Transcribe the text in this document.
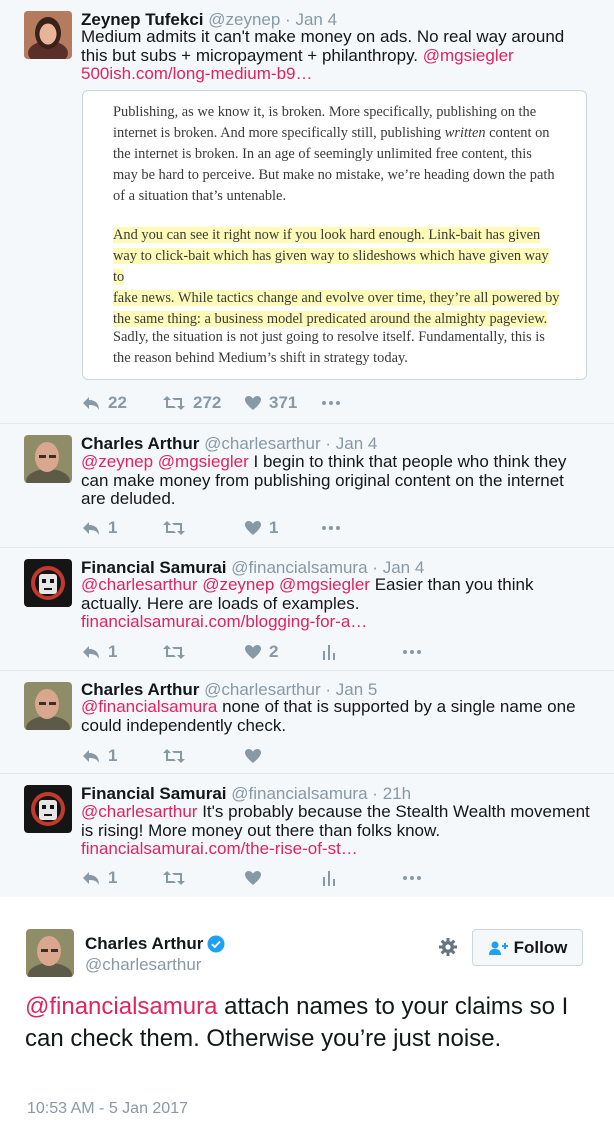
Zeynep Tufekci @zeynep · Jan 4
Medium admits it can't make money on ads. No real way around this but subs + micropayment + philanthropy. @mgsiegler 500ish.com/long-medium-b9…

Publishing, as we know it, is broken. More specifically, publishing on the
internet is broken. And more specifically still, publishing written content on
the internet is broken. In an age of seemingly unlimited free content, this
may be hard to perceive. But make no mistake, we’re heading down the path
of a situation that’s untenable.

And you can see it right now if you look hard enough. Link-bait has given
way to click-bait which has given way to slideshows which have given way to
fake news. While tactics change and evolve over time, they’re all powered by
the same thing: a business model predicated around the almighty pageview.

Sadly, the situation is not just going to resolve itself. Fundamentally, this is
the reason behind Medium’s shift in strategy today.

22	272	371
Charles Arthur @charlesarthur · Jan 4
@zeynep @mgsiegler I begin to think that people who think they can make money from publishing original content on the internet are deluded.
1	1
Financial Samurai @financialsamura · Jan 4
@charlesarthur @zeynep @mgsiegler Easier than you think actually. Here are loads of examples. financialsamurai.com/blogging-for-a…
1	2
Charles Arthur @charlesarthur · Jan 5
@financialsamura none of that is supported by a single name one could independently check.
1
Financial Samurai @financialsamura · 21h
@charlesarthur It's probably because the Stealth Wealth movement is rising! More money out there than folks know. financialsamurai.com/the-rise-of-st…
1
Charles Arthur
@charlesarthur
Follow
@financialsamura attach names to your claims so I can check them. Otherwise you’re just noise.
10:53 AM - 5 Jan 2017
